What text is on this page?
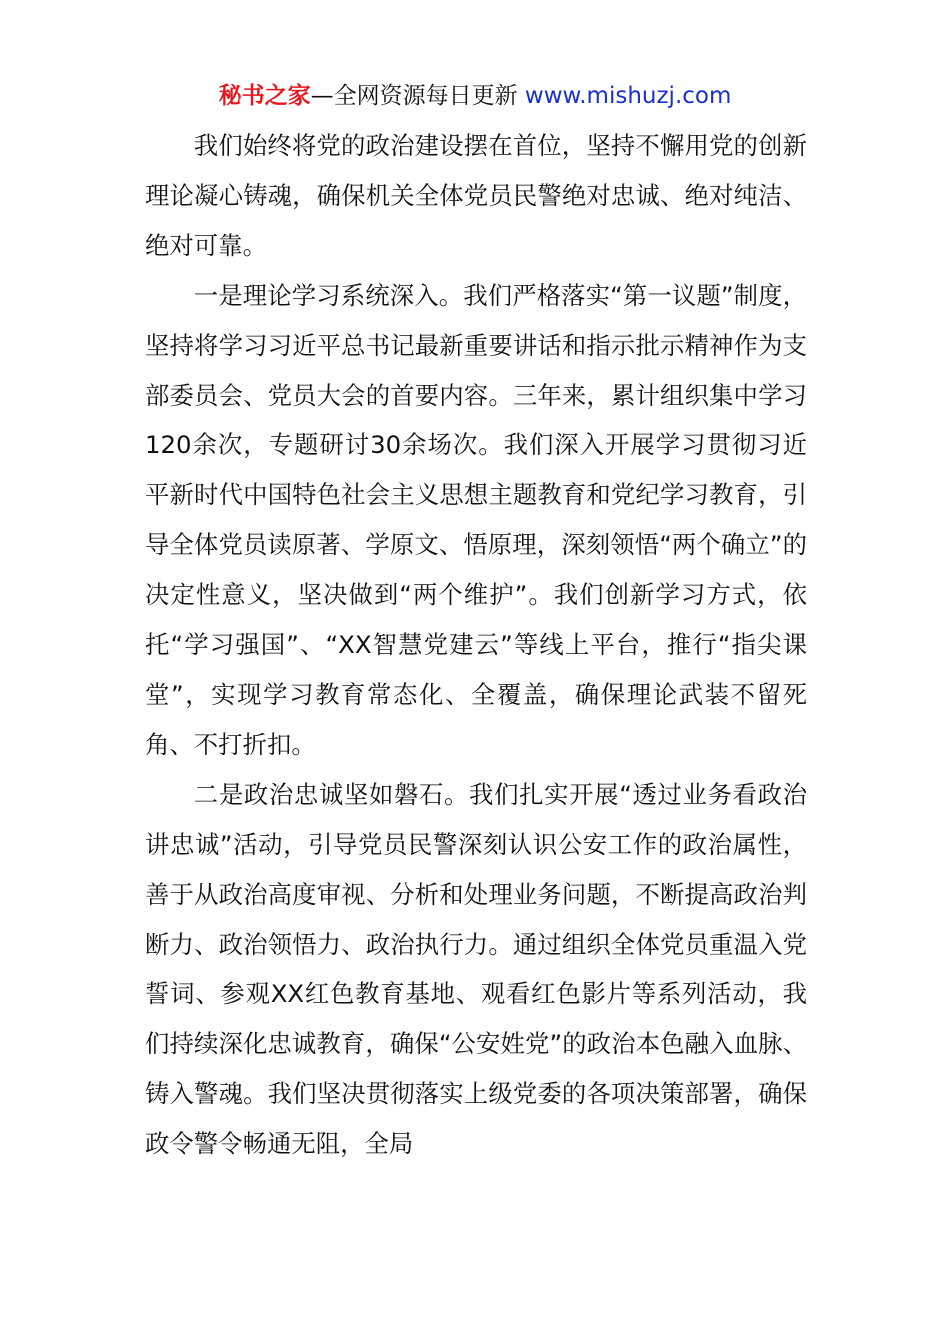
秘书之家—全网资源每日更新 www.mishuzj.com

我们始终将党的政治建设摆在首位，坚持不懈用党的创新理论凝心铸魂，确保机关全体党员民警绝对忠诚、绝对纯洁、绝对可靠。

一是理论学习系统深入。我们严格落实“第一议题”制度，坚持将学习习近平总书记最新重要讲话和指示批示精神作为支部委员会、党员大会的首要内容。三年来，累计组织集中学习120余次，专题研讨30余场次。我们深入开展学习贯彻习近平新时代中国特色社会主义思想主题教育和党纪学习教育，引导全体党员读原著、学原文、悟原理，深刻领悟“两个确立”的决定性意义，坚决做到“两个维护”。我们创新学习方式，依托“学习强国”、“XX智慧党建云”等线上平台，推行“指尖课堂”，实现学习教育常态化、全覆盖，确保理论武装不留死角、不打折扣。

二是政治忠诚坚如磐石。我们扎实开展“透过业务看政治讲忠诚”活动，引导党员民警深刻认识公安工作的政治属性，善于从政治高度审视、分析和处理业务问题，不断提高政治判断力、政治领悟力、政治执行力。通过组织全体党员重温入党誓词、参观XX红色教育基地、观看红色影片等系列活动，我们持续深化忠诚教育，确保“公安姓党”的政治本色融入血脉、铸入警魂。我们坚决贯彻落实上级党委的各项决策部署，确保政令警令畅通无阻，全局
